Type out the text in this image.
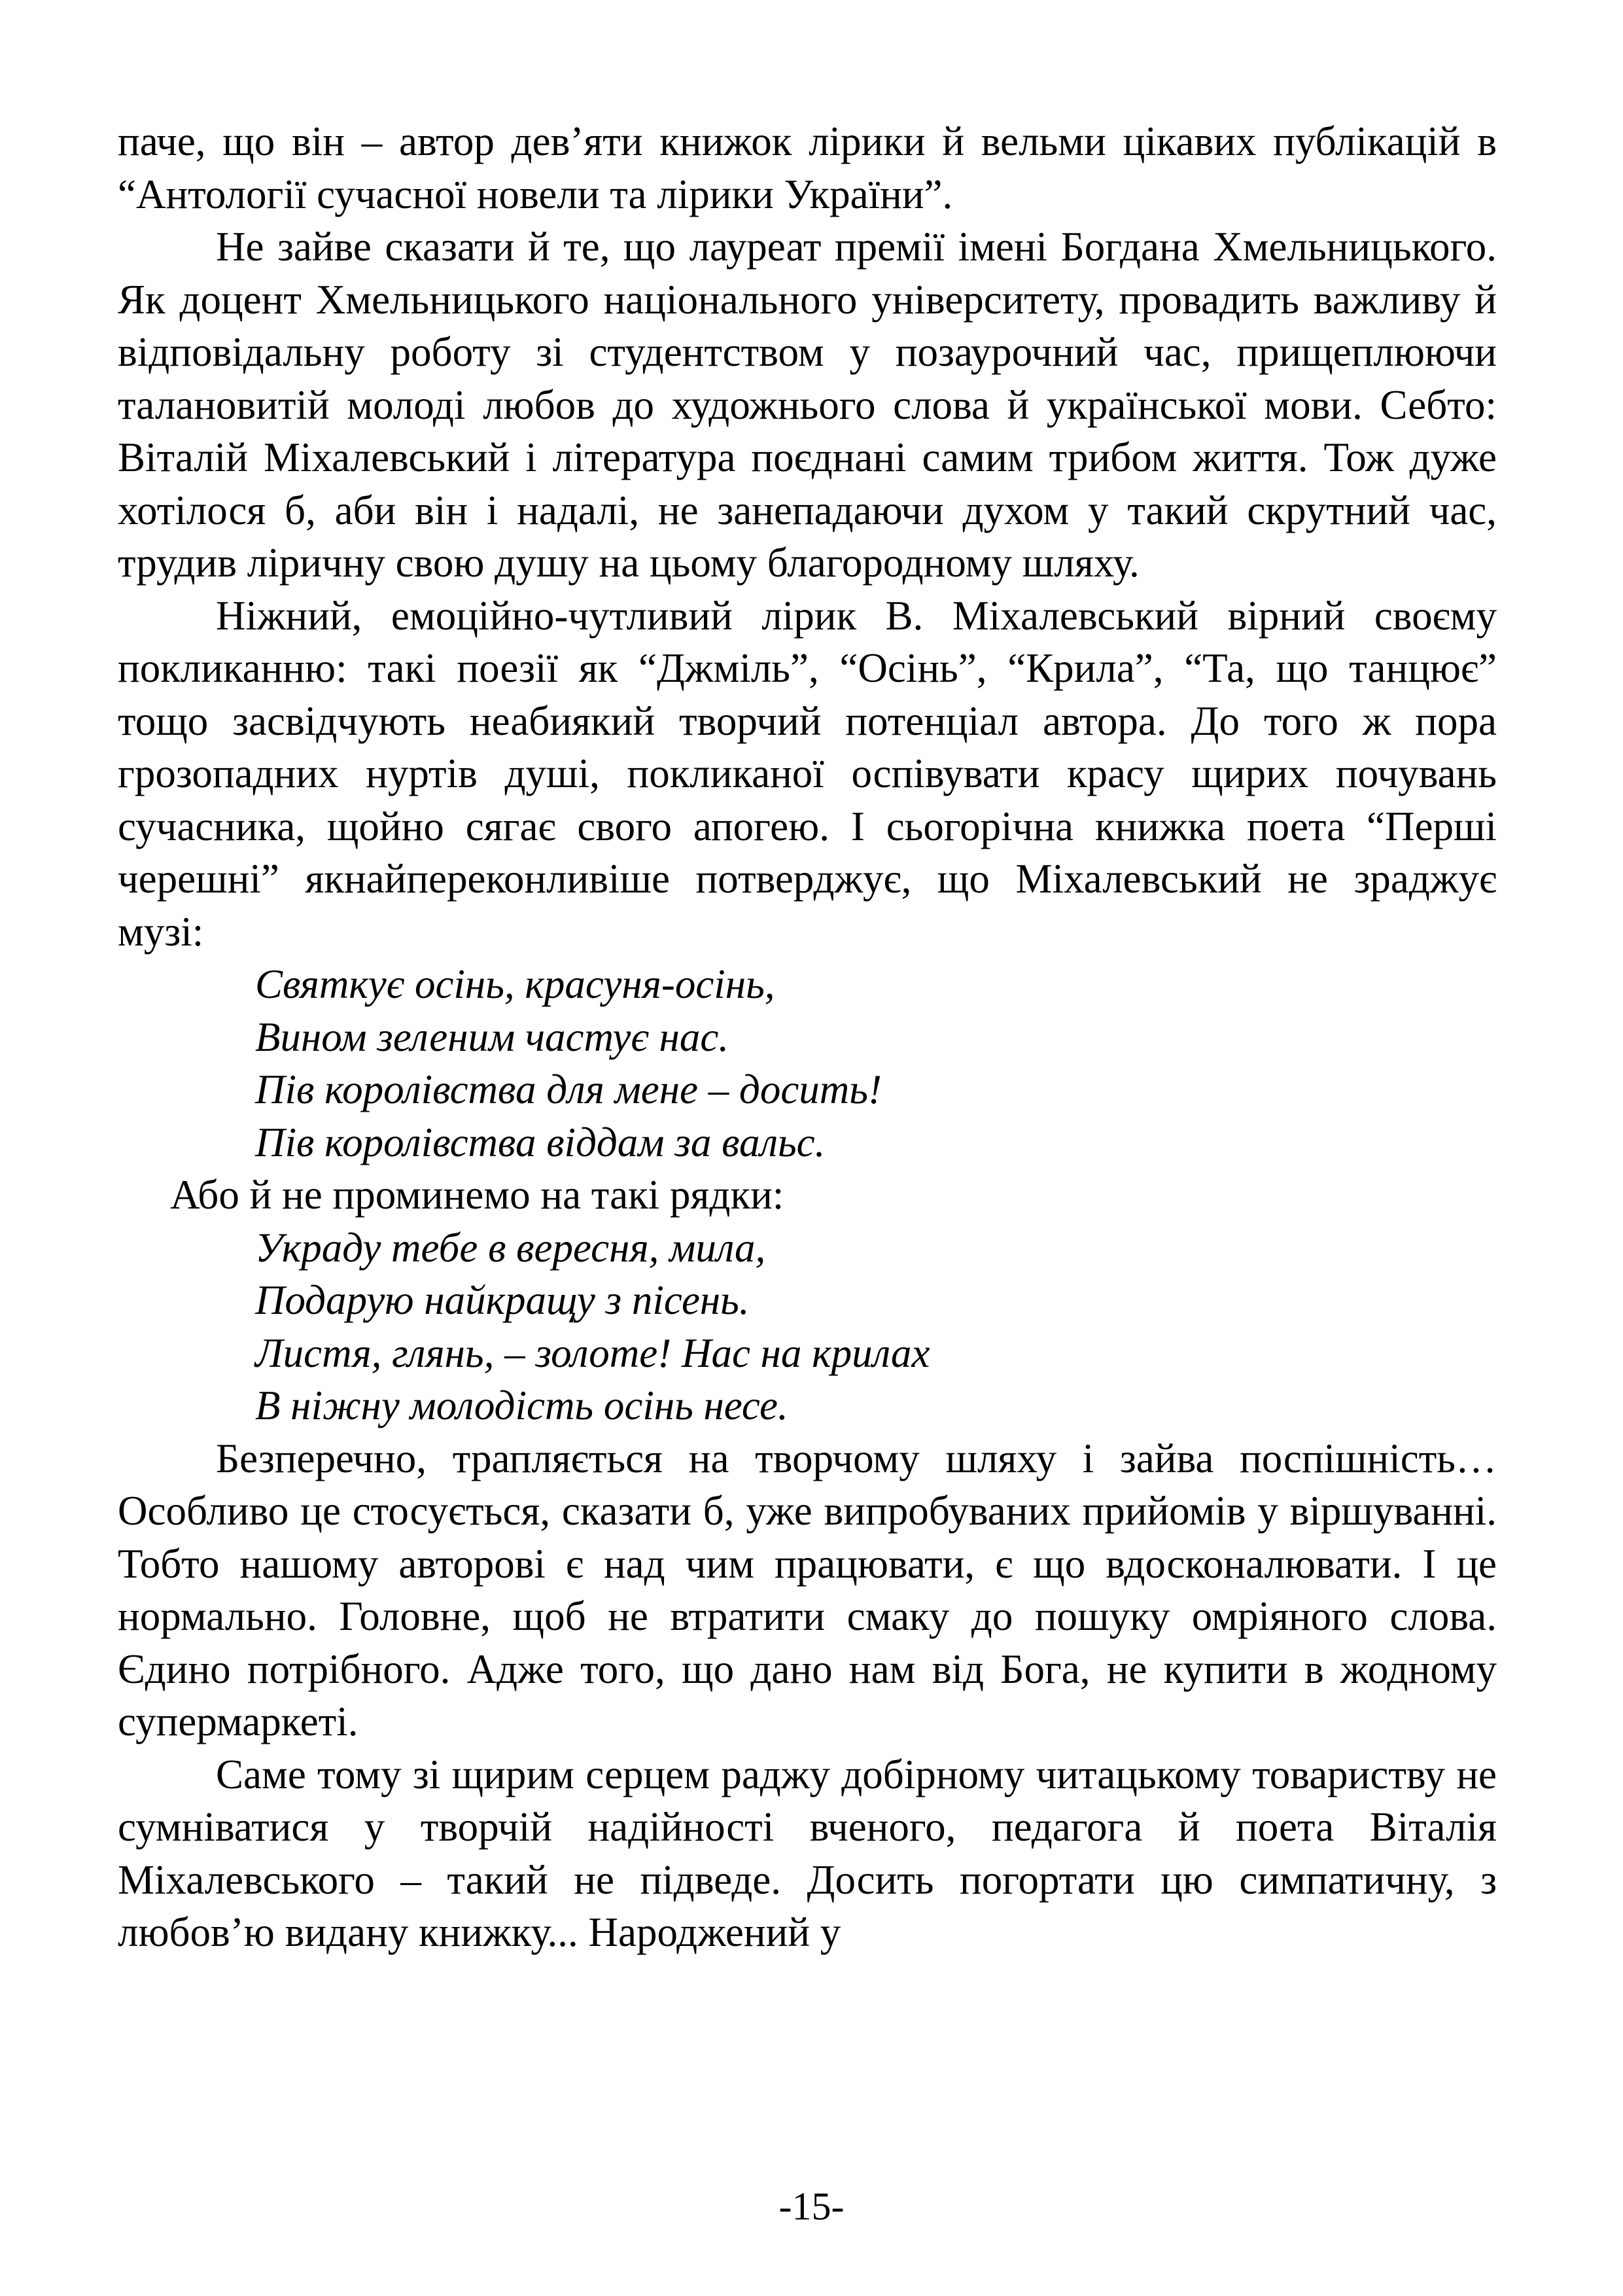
паче, що він – автор дев’яти книжок лірики й вельми цікавих публікацій в “Антології сучасної новели та лірики України”.

Не зайве сказати й те, що лауреат премії імені Богдана Хмельницького. Як доцент Хмельницького національного університету, провадить важливу й відповідальну роботу зі студентством у позаурочний час, прищеплюючи талановитій молоді любов до художнього слова й української мови. Себто: Віталій Міхалевський і література поєднані самим трибом життя. Тож дуже хотілося б, аби він і надалі, не занепадаючи духом у такий скрутний час, трудив ліричну свою душу на цьому благородному шляху.

Ніжний, емоційно-чутливий лірик В. Міхалевський вірний своєму покликанню: такі поезії як “Джміль”, “Осінь”, “Крила”, “Та, що танцює” тощо засвідчують неабиякий творчий потенціал автора. До того ж пора грозопадних нуртів душі, покликаної оспівувати красу щирих почувань сучасника, щойно сягає свого апогею. І сьогорічна книжка поета “Перші черешні” якнайпереконливіше потверджує, що Міхалевський не зраджує музі:

Святкує осінь, красуня-осінь,
Вином зеленим частує нас.
Пів королівства для мене – досить!
Пів королівства віддам за вальс.

Або й не проминемо на такі рядки:

Украду тебе в вересня, мила,
Подарую найкращу з пісень.
Листя, глянь, – золоте! Нас на крилах
В ніжну молодість осінь несе.

Безперечно, трапляється на творчому шляху і зайва поспішність… Особливо це стосується, сказати б, уже випробуваних прийомів у віршуванні. Тобто нашому авторові є над чим працювати, є що вдосконалювати. І це нормально. Головне, щоб не втратити смаку до пошуку омріяного слова. Єдино потрібного. Адже того, що дано нам від Бога, не купити в жодному супермаркеті.

Саме тому зі щирим серцем раджу добірному читацькому товариству не сумніватися у творчій надійності вченого, педагога й поета Віталія Міхалевського – такий не підведе. Досить погортати цю симпатичну, з любов’ю видану книжку... Народжений у

-15-
